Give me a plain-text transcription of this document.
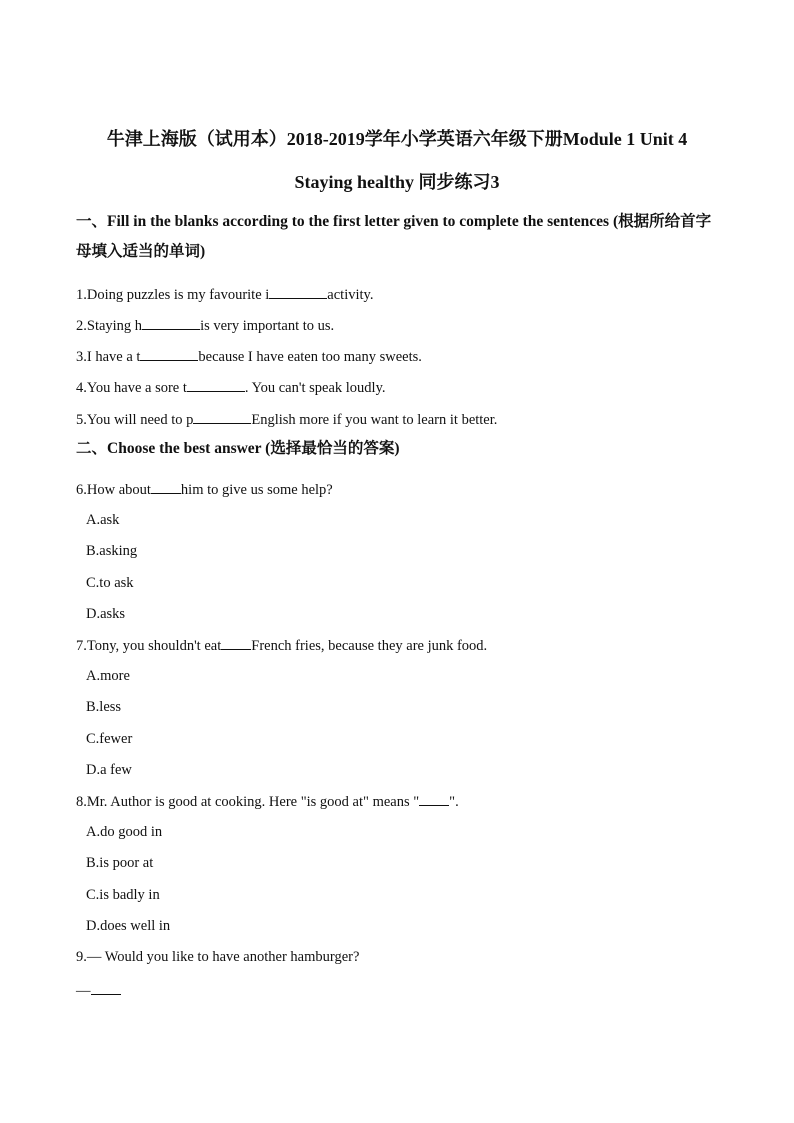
牛津上海版（试用本）2018-2019学年小学英语六年级下册Module 1 Unit 4
Staying healthy 同步练习3

一、Fill in the blanks according to the first letter given to complete the sentences (根据所给首字母填入适当的单词)

1.Doing puzzles is my favourite i	activity.

2.Staying h	is very important to us.

3.I have a t	because I have eaten too many sweets.

4.You have a sore t	. You can't speak loudly.

5.You will need to p	English more if you want to learn it better.

二、Choose the best answer (选择最恰当的答案)

6.How about him to give us some help?

A.ask

B.asking

C.to ask

D.asks

7.Tony, you shouldn't eat French fries, because they are junk food.

A.more

B.less

C.fewer

D.a few

8.Mr. Author is good at cooking. Here "is good at" means " ".

A.do good in

B.is poor at

C.is badly in

D.does well in

9.— Would you like to have another hamburger?

—
